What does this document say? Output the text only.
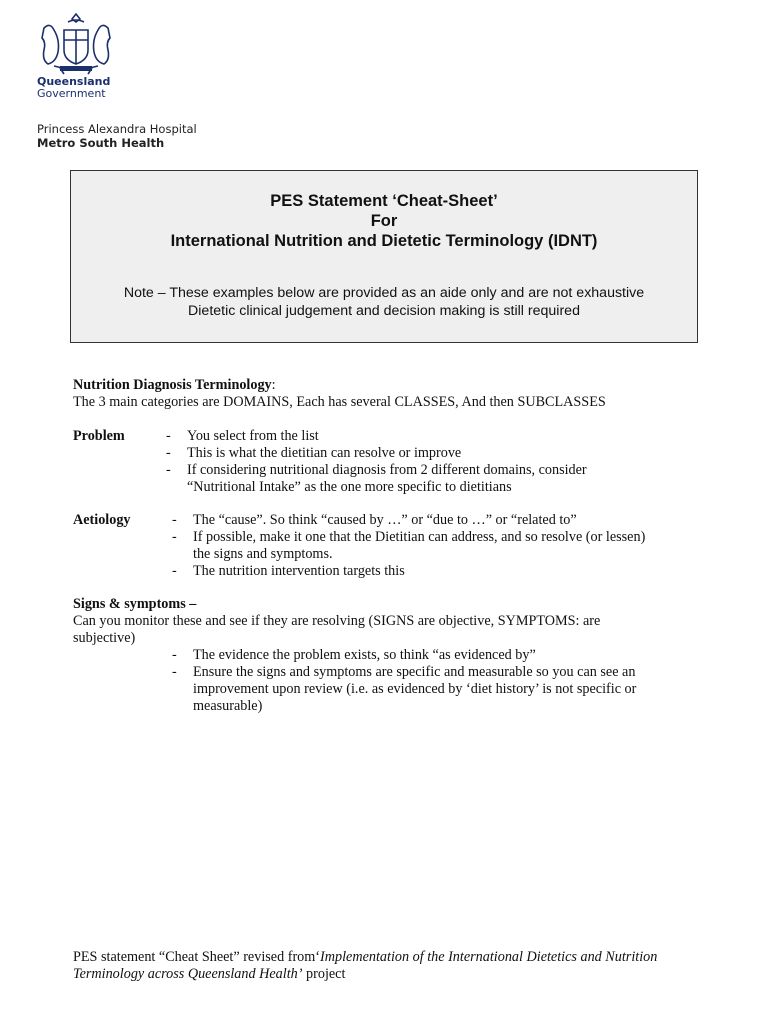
Queensland
Government
Princess Alexandra Hospital
Metro South Health
PES Statement ‘Cheat-Sheet’
For
International Nutrition and Dietetic Terminology (IDNT)
Note – These examples below are provided as an aide only and are not exhaustive
Dietetic clinical judgement and decision making is still required
Nutrition Diagnosis Terminology:
The 3 main categories are DOMAINS, Each has several CLASSES, And then SUBCLASSES
Problem	- You select from the list
- This is what the dietitian can resolve or improve
- If considering nutritional diagnosis from 2 different domains, consider
“Nutritional Intake” as the one more specific to dietitians
Aetiology	- The “cause”. So think “caused by …” or “due to …” or “related to”
- If possible, make it one that the Dietitian can address, and so resolve (or lessen)
the signs and symptoms.
- The nutrition intervention targets this
Signs & symptoms –
Can you monitor these and see if they are resolving (SIGNS are objective, SYMPTOMS: are
subjective)
- The evidence the problem exists, so think “as evidenced by”
- Ensure the signs and symptoms are specific and measurable so you can see an
improvement upon review (i.e. as evidenced by ‘diet history’ is not specific or
measurable)
PES statement “Cheat Sheet” revised from‘Implementation of the International Dietetics and Nutrition Terminology across Queensland Health’ project
